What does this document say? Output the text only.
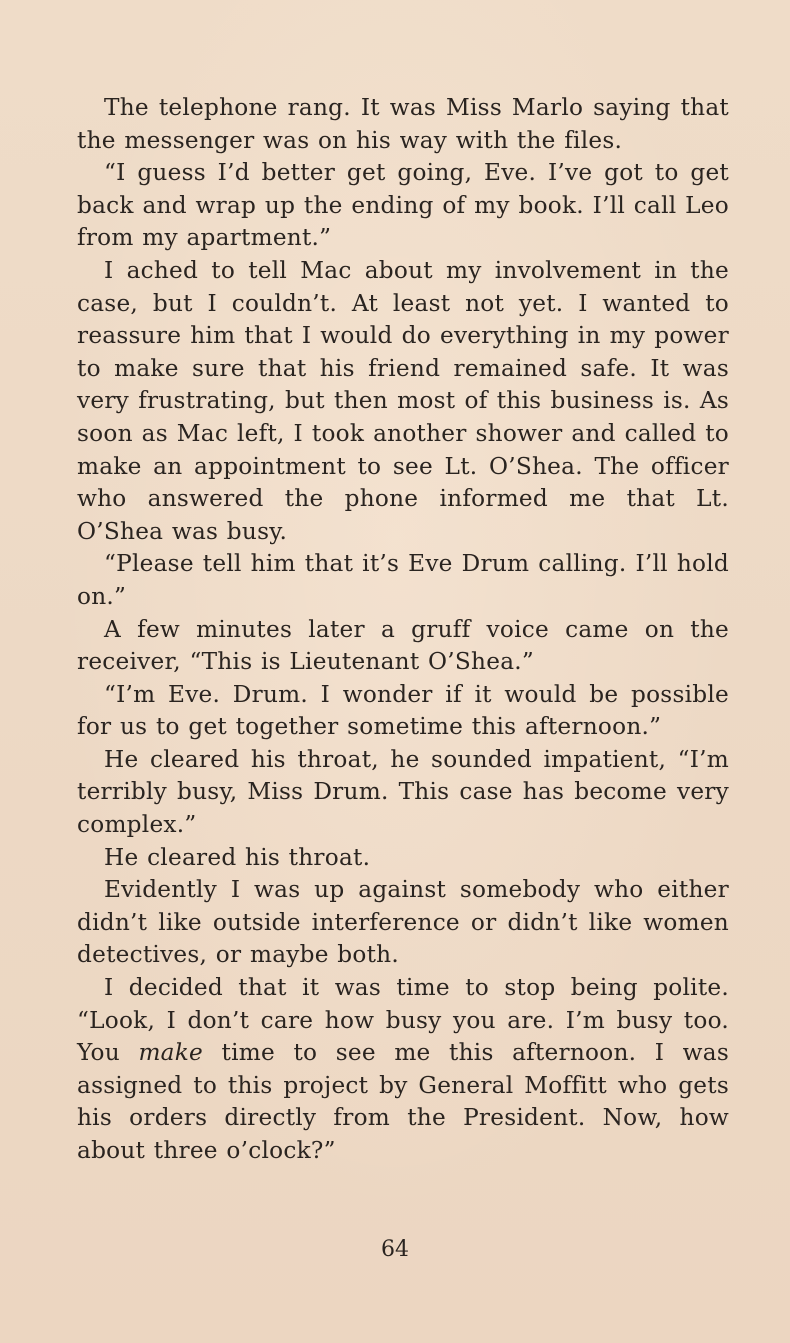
The telephone rang. It was Miss Marlo saying that the messenger was on his way with the files.

“I guess I’d better get going, Eve. I’ve got to get back and wrap up the ending of my book. I’ll call Leo from my apartment.”

I ached to tell Mac about my involvement in the case, but I couldn’t. At least not yet. I wanted to reassure him that I would do everything in my power to make sure that his friend remained safe. It was very frustrating, but then most of this business is. As soon as Mac left, I took another shower and called to make an appointment to see Lt. O’Shea. The officer who answered the phone informed me that Lt. O’Shea was busy.

“Please tell him that it’s Eve Drum calling. I’ll hold on.”

A few minutes later a gruff voice came on the receiver, “This is Lieutenant O’Shea.”

“I’m Eve. Drum. I wonder if it would be possible for us to get together sometime this afternoon.”

He cleared his throat, he sounded impatient, “I’m terribly busy, Miss Drum. This case has become very complex.”

He cleared his throat.

Evidently I was up against somebody who either didn’t like outside interference or didn’t like women detectives, or maybe both.

I decided that it was time to stop being polite. “Look, I don’t care how busy you are. I’m busy too. You make time to see me this afternoon. I was assigned to this project by General Moffitt who gets his orders directly from the President. Now, how about three o’clock?”

64
